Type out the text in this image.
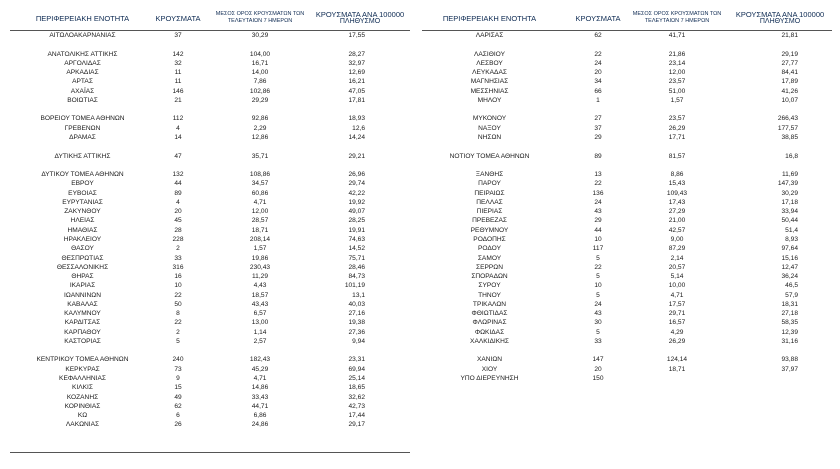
ΠΕΡΙΦΕΡΕΙΑΚΗ ΕΝΟΤΗΤΑ	ΚΡΟΥΣΜΑΤΑ	ΜΕΣΟΣ ΟΡΟΣ ΚΡΟΥΣΜΑΤΩΝ ΤΩΝ
ΤΕΛΕΥΤΑΙΩΝ 7 ΗΜΕΡΩΝ
ΚΡΟΥΣΜΑΤΑ ΑΝΑ 100000
ΠΛΗΘΥΣΜΟ
ΑΙΤΩΛΟΑΚΑΡΝΑΝΙΑΣ	37	30,29	17,55
ΑΝΑΤΟΛΙΚΗΣ ΑΤΤΙΚΗΣ	142	104,00	28,27
ΑΡΓΟΛΙΔΑΣ	32	16,71	32,97
ΑΡΚΑΔΙΑΣ	11	14,00	12,69
ΑΡΤΑΣ	11	7,86	16,21
ΑΧΑΪΑΣ	146	102,86	47,05
ΒΟΙΩΤΙΑΣ	21	29,29	17,81
ΒΟΡΕΙΟΥ ΤΟΜΕΑ ΑΘΗΝΩΝ	112	92,86	18,93
ΓΡΕΒΕΝΩΝ	4	2,29	12,6
ΔΡΑΜΑΣ	14	12,86	14,24
ΔΥΤΙΚΗΣ ΑΤΤΙΚΗΣ	47	35,71	29,21
ΔΥΤΙΚΟΥ ΤΟΜΕΑ ΑΘΗΝΩΝ	132	108,86	26,96
ΕΒΡΟΥ	44	34,57	29,74
ΕΥΒΟΙΑΣ	89	60,86	42,22
ΕΥΡΥΤΑΝΙΑΣ	4	4,71	19,92
ΖΑΚΥΝΘΟΥ	20	12,00	49,07
ΗΛΕΙΑΣ	45	28,57	28,25
ΗΜΑΘΙΑΣ	28	18,71	19,91
ΗΡΑΚΛΕΙΟΥ	228	208,14	74,63
ΘΑΣΟΥ	2	1,57	14,52
ΘΕΣΠΡΩΤΙΑΣ	33	19,86	75,71
ΘΕΣΣΑΛΟΝΙΚΗΣ	316	230,43	28,46
ΘΗΡΑΣ	16	11,29	84,73
ΙΚΑΡΙΑΣ	10	4,43	101,19
ΙΩΑΝΝΙΝΩΝ	22	18,57	13,1
ΚΑΒΑΛΑΣ	50	43,43	40,03
ΚΑΛΥΜΝΟΥ	8	6,57	27,16
ΚΑΡΔΙΤΣΑΣ	22	13,00	19,38
ΚΑΡΠΑΘΟΥ	2	1,14	27,36
ΚΑΣΤΟΡΙΑΣ	5	2,57	9,94
ΚΕΝΤΡΙΚΟΥ ΤΟΜΕΑ ΑΘΗΝΩΝ	240	182,43	23,31
ΚΕΡΚΥΡΑΣ	73	45,29	69,94
ΚΕΦΑΛΛΗΝΙΑΣ	9	4,71	25,14
ΚΙΛΚΙΣ	15	14,86	18,65
ΚΟΖΑΝΗΣ	49	33,43	32,62
ΚΟΡΙΝΘΙΑΣ	62	44,71	42,73
ΚΩ	6	6,86	17,44
ΛΑΚΩΝΙΑΣ	26	24,86	29,17
ΠΕΡΙΦΕΡΕΙΑΚΗ ΕΝΟΤΗΤΑ	ΚΡΟΥΣΜΑΤΑ	ΜΕΣΟΣ ΟΡΟΣ ΚΡΟΥΣΜΑΤΩΝ ΤΩΝ
ΤΕΛΕΥΤΑΙΩΝ 7 ΗΜΕΡΩΝ
ΚΡΟΥΣΜΑΤΑ ΑΝΑ 100000
ΠΛΗΘΥΣΜΟ
ΛΑΡΙΣΑΣ	62	41,71	21,81
ΛΑΣΙΘΙΟΥ	22	21,86	29,19
ΛΕΣΒΟΥ	24	23,14	27,77
ΛΕΥΚΑΔΑΣ	20	12,00	84,41
ΜΑΓΝΗΣΙΑΣ	34	23,57	17,89
ΜΕΣΣΗΝΙΑΣ	66	51,00	41,26
ΜΗΛΟΥ	1	1,57	10,07
ΜΥΚΟΝΟΥ	27	23,57	266,43
ΝΑΞΟΥ	37	26,29	177,57
ΝΗΣΩΝ	29	17,71	38,85
ΝΟΤΙΟΥ ΤΟΜΕΑ ΑΘΗΝΩΝ	89	81,57	16,8
ΞΑΝΘΗΣ	13	8,86	11,69
ΠΑΡΟΥ	22	15,43	147,39
ΠΕΙΡΑΙΩΣ	136	109,43	30,29
ΠΕΛΛΑΣ	24	17,43	17,18
ΠΙΕΡΙΑΣ	43	27,29	33,94
ΠΡΕΒΕΖΑΣ	29	21,00	50,44
ΡΕΘΥΜΝΟΥ	44	42,57	51,4
ΡΟΔΟΠΗΣ	10	9,00	8,93
ΡΟΔΟΥ	117	87,29	97,64
ΣΑΜΟΥ	5	2,14	15,16
ΣΕΡΡΩΝ	22	20,57	12,47
ΣΠΟΡΑΔΩΝ	5	5,14	36,24
ΣΥΡΟΥ	10	10,00	46,5
ΤΗΝΟΥ	5	4,71	57,9
ΤΡΙΚΑΛΩΝ	24	17,57	18,31
ΦΘΙΩΤΙΔΑΣ	43	29,71	27,18
ΦΛΩΡΙΝΑΣ	30	16,57	58,35
ΦΩΚΙΔΑΣ	5	4,29	12,39
ΧΑΛΚΙΔΙΚΗΣ	33	26,29	31,16
ΧΑΝΙΩΝ	147	124,14	93,88
ΧΙΟΥ	20	18,71	37,97
ΥΠΟ ΔΙΕΡΕΥΝΗΣΗ	150
